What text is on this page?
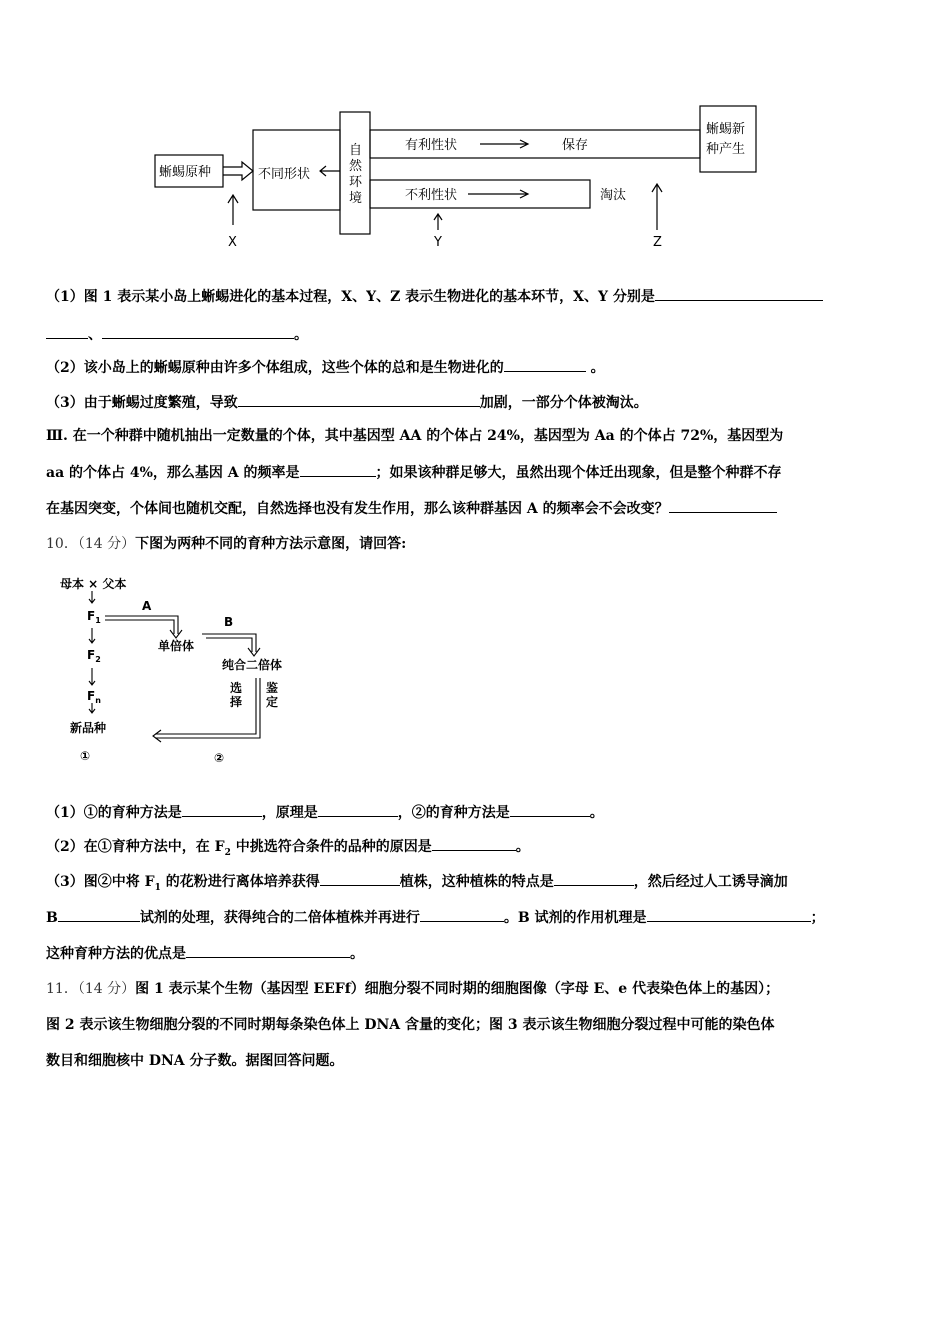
蜥蜴原种	不同形状
自
然
环
境
有利性状	保存
不利性状	淘汰
蜥蜴新
种产生
X	Y	Z
（1）图 1 表示某小岛上蜥蜴进化的基本过程，X、Y、Z 表示生物进化的基本环节，X、Y 分别是
、	。
（2）该小岛上的蜥蜴原种由许多个体组成，这些个体的总和是生物进化的	。
（3）由于蜥蜴过度繁殖，导致	加剧，一部分个体被淘汰。
Ⅲ. 在一个种群中随机抽出一定数量的个体，其中基因型 AA 的个体占 24%，基因型为 Aa 的个体占 72%，基因型为
aa 的个体占 4%，那么基因 A 的频率是	；如果该种群足够大，虽然出现个体迁出现象，但是整个种群不存
在基因突变，个体间也随机交配，自然选择也没有发生作用，那么该种群基因 A 的频率会不会改变？
10．（14 分）下图为两种不同的育种方法示意图，请回答:
母本 × 父本
$F_1$
$F_2$
$F_n$
新品种
A
B
单倍体
纯合二倍体
选
择
鉴
定
①	②
（1）①的育种方法是	，原理是	，②的育种方法是	。
（2）在①育种方法中，在 $F_2$ 中挑选符合条件的品种的原因是	。
（3）图②中将 $F_1$ 的花粉进行离体培养获得	植株，这种植株的特点是	，然后经过人工诱导滴加
B	试剂的处理，获得纯合的二倍体植株并再进行	。B 试剂的作用机理是	；
这种育种方法的优点是	。
11．（14 分）图 1 表示某个生物（基因型 EEFf）细胞分裂不同时期的细胞图像（字母 E、e 代表染色体上的基因）；
图 2 表示该生物细胞分裂的不同时期每条染色体上 DNA 含量的变化；图 3 表示该生物细胞分裂过程中可能的染色体
数目和细胞核中 DNA 分子数。据图回答问题。
